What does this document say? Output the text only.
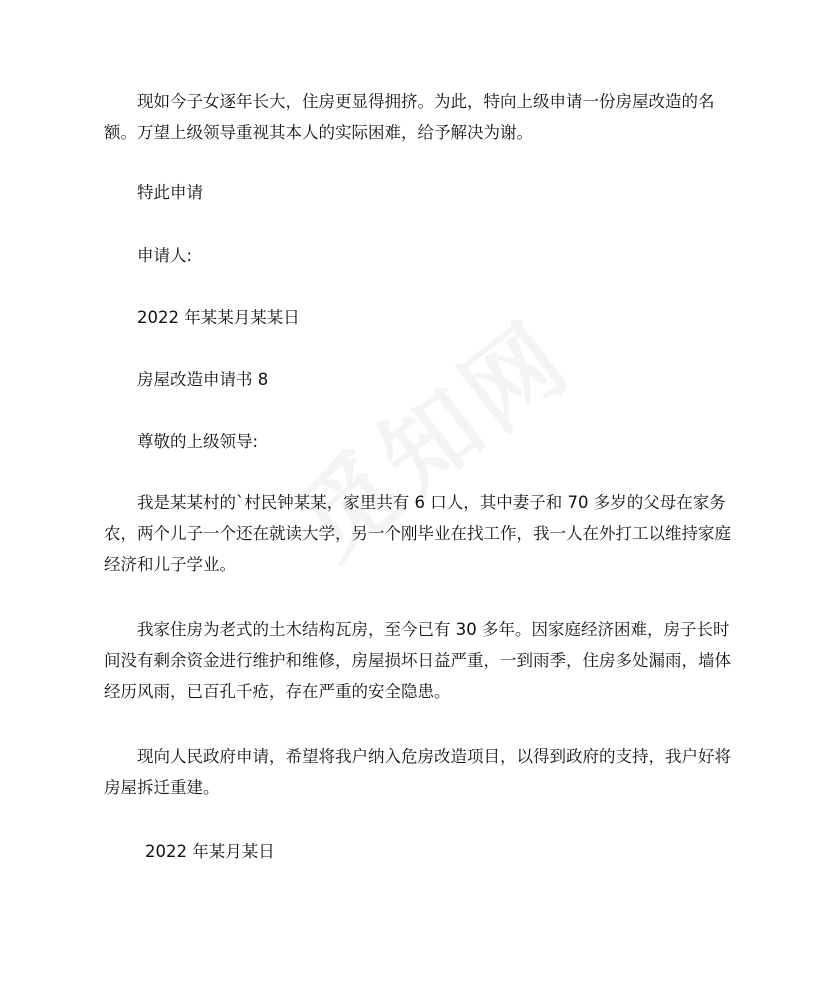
现如今子女逐年长大，住房更显得拥挤。为此，特向上级申请一份房屋改造的名额。万望上级领导重视其本人的实际困难，给予解决为谢。

特此申请

申请人:

2022 年某某月某某日

房屋改造申请书 8

尊敬的上级领导:

我是某某村的`村民钟某某，家里共有 6 口人，其中妻子和 70 多岁的父母在家务农，两个儿子一个还在就读大学，另一个刚毕业在找工作，我一人在外打工以维持家庭经济和儿子学业。

我家住房为老式的土木结构瓦房，至今已有 30 多年。因家庭经济困难，房子长时间没有剩余资金进行维护和维修，房屋损坏日益严重，一到雨季，住房多处漏雨，墙体经历风雨，已百孔千疮，存在严重的安全隐患。

现向人民政府申请，希望将我户纳入危房改造项目，以得到政府的支持，我户好将房屋拆迁重建。

2022 年某月某日
